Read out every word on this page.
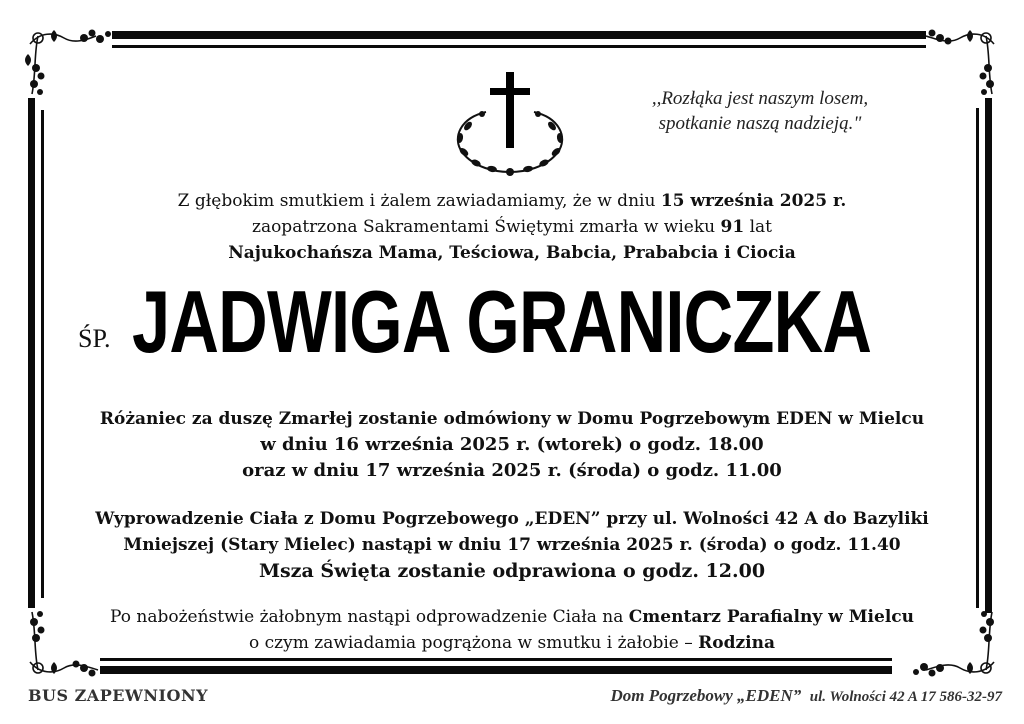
,,Rozłąka jest naszym losem,
spotkanie naszą nadzieją."
Z głębokim smutkiem i żalem zawiadamiamy, że w dniu 15 września 2025 r.
zaopatrzona Sakramentami Świętymi zmarła w wieku 91 lat
Najukochańsza Mama, Teściowa, Babcia, Prababcia i Ciocia
ŚP. JADWIGA GRANICZKA
Różaniec za duszę Zmarłej zostanie odmówiony w Domu Pogrzebowym EDEN w Mielcu
w dniu 16 września 2025 r. (wtorek) o godz. 18.00
oraz w dniu 17 września 2025 r. (środa) o godz. 11.00
Wyprowadzenie Ciała z Domu Pogrzebowego „EDEN” przy ul. Wolności 42 A do Bazyliki
Mniejszej (Stary Mielec) nastąpi w dniu 17 września 2025 r. (środa) o godz. 11.40
Msza Święta zostanie odprawiona o godz. 12.00
Po nabożeństwie żałobnym nastąpi odprowadzenie Ciała na Cmentarz Parafialny w Mielcu
o czym zawiadamia pogrążona w smutku i żałobie – Rodzina
BUS ZAPEWNIONY	Dom Pogrzebowy „EDEN” ul. Wolności 42 A 17 586-32-97
